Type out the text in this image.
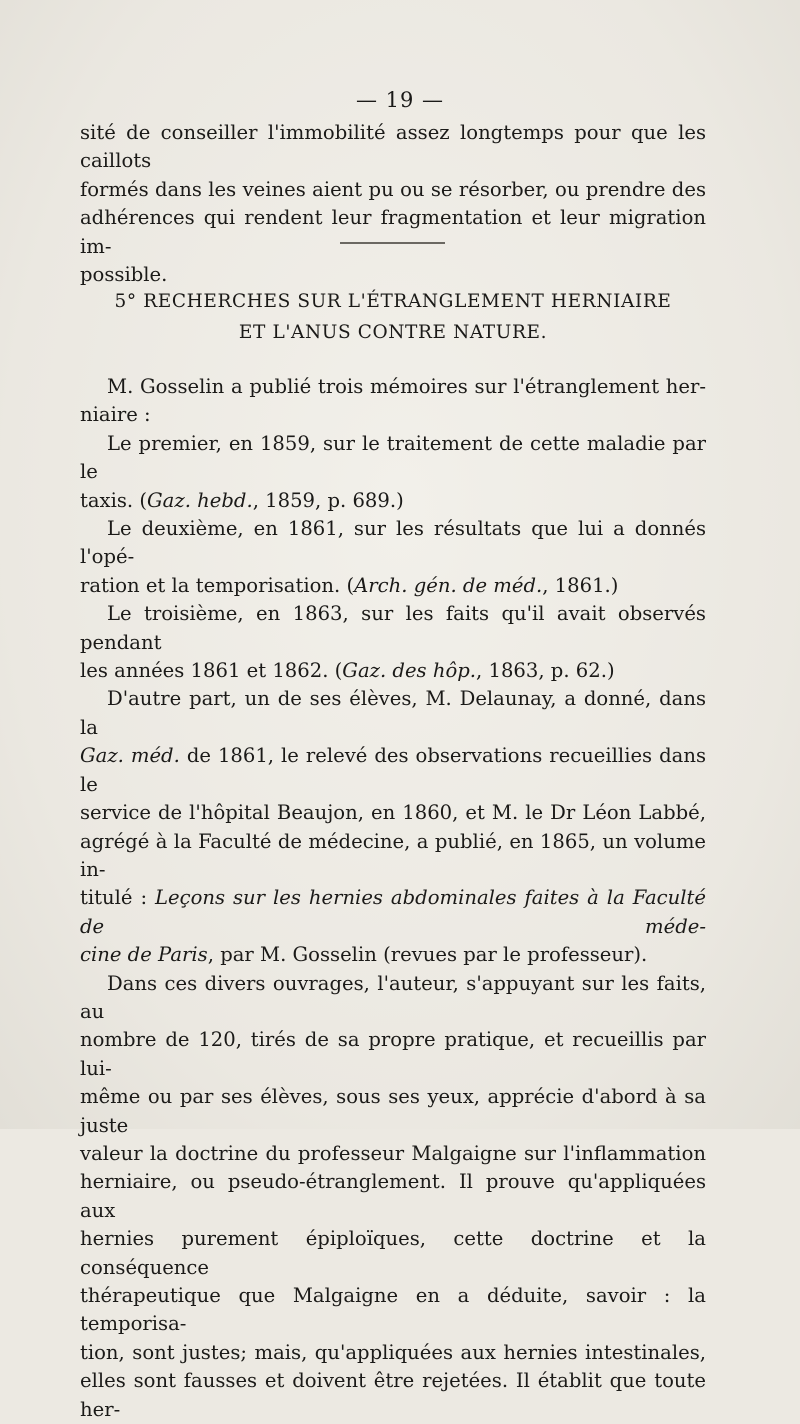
— 19 —
sité de conseiller l'immobilité assez longtemps pour que les caillots
formés dans les veines aient pu ou se résorber, ou prendre des
adhérences qui rendent leur fragmentation et leur migration im-
possible.
5° RECHERCHES SUR L'ÉTRANGLEMENT HERNIAIRE
ET L'ANUS CONTRE NATURE.
M. Gosselin a publié trois mémoires sur l'étranglement her-
niaire :
Le premier, en 1859, sur le traitement de cette maladie par le
taxis. (Gaz. hebd., 1859, p. 689.)
Le deuxième, en 1861, sur les résultats que lui a donnés l'opé-
ration et la temporisation. (Arch. gén. de méd., 1861.)
Le troisième, en 1863, sur les faits qu'il avait observés pendant
les années 1861 et 1862. (Gaz. des hôp., 1863, p. 62.)
D'autre part, un de ses élèves, M. Delaunay, a donné, dans la
Gaz. méd. de 1861, le relevé des observations recueillies dans le
service de l'hôpital Beaujon, en 1860, et M. le Dr Léon Labbé,
agrégé à la Faculté de médecine, a publié, en 1865, un volume in-
titulé : Leçons sur les hernies abdominales faites à la Faculté de méde-
cine de Paris, par M. Gosselin (revues par le professeur).
Dans ces divers ouvrages, l'auteur, s'appuyant sur les faits, au
nombre de 120, tirés de sa propre pratique, et recueillis par lui-
même ou par ses élèves, sous ses yeux, apprécie d'abord à sa juste
valeur la doctrine du professeur Malgaigne sur l'inflammation
herniaire, ou pseudo-étranglement. Il prouve qu'appliquées aux
hernies purement épiploïques, cette doctrine et la conséquence
thérapeutique que Malgaigne en a déduite, savoir : la temporisa-
tion, sont justes; mais, qu'appliquées aux hernies intestinales,
elles sont fausses et doivent être rejetées. Il établit que toute her-
